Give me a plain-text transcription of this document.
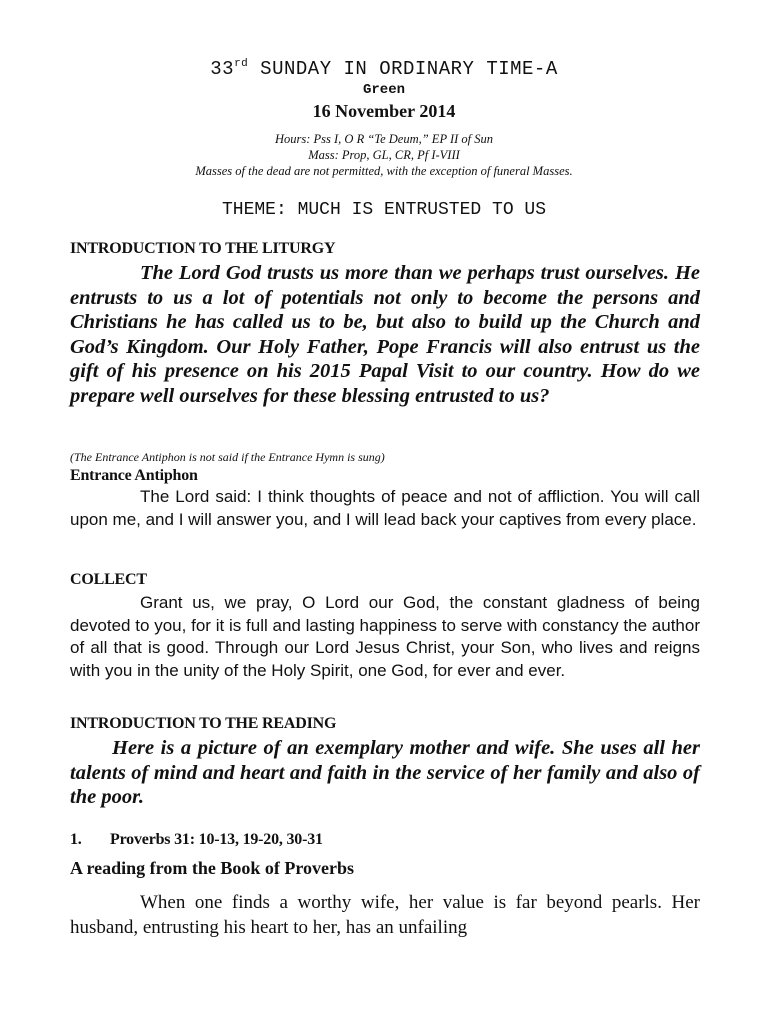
33rd SUNDAY IN ORDINARY TIME-A
Green
16 November 2014
Hours: Pss I, O R “Te Deum,” EP II of Sun
Mass: Prop, GL, CR, Pf I-VIII
Masses of the dead are not permitted, with the exception of funeral Masses.
THEME: MUCH IS ENTRUSTED TO US
INTRODUCTION TO THE LITURGY
The Lord God trusts us more than we perhaps trust ourselves. He entrusts to us a lot of potentials not only to become the persons and Christians he has called us to be, but also to build up the Church and God’s Kingdom. Our Holy Father, Pope Francis will also entrust us the gift of his presence on his 2015 Papal Visit to our country. How do we prepare well ourselves for these blessing entrusted to us?
(The Entrance Antiphon is not said if the Entrance Hymn is sung)
Entrance Antiphon
The Lord said: I think thoughts of peace and not of affliction. You will call upon me, and I will answer you, and I will lead back your captives from every place.
COLLECT
Grant us, we pray, O Lord our God, the constant gladness of being devoted to you, for it is full and lasting happiness to serve with constancy the author of all that is good. Through our Lord Jesus Christ, your Son, who lives and reigns with you in the unity of the Holy Spirit, one God, for ever and ever.
INTRODUCTION TO THE READING
Here is a picture of an exemplary mother and wife. She uses all her talents of mind and heart and faith in the service of her family and also of the poor.
1. Proverbs 31: 10-13, 19-20, 30-31
A reading from the Book of Proverbs
When one finds a worthy wife, her value is far beyond pearls. Her husband, entrusting his heart to her, has an unfailing
